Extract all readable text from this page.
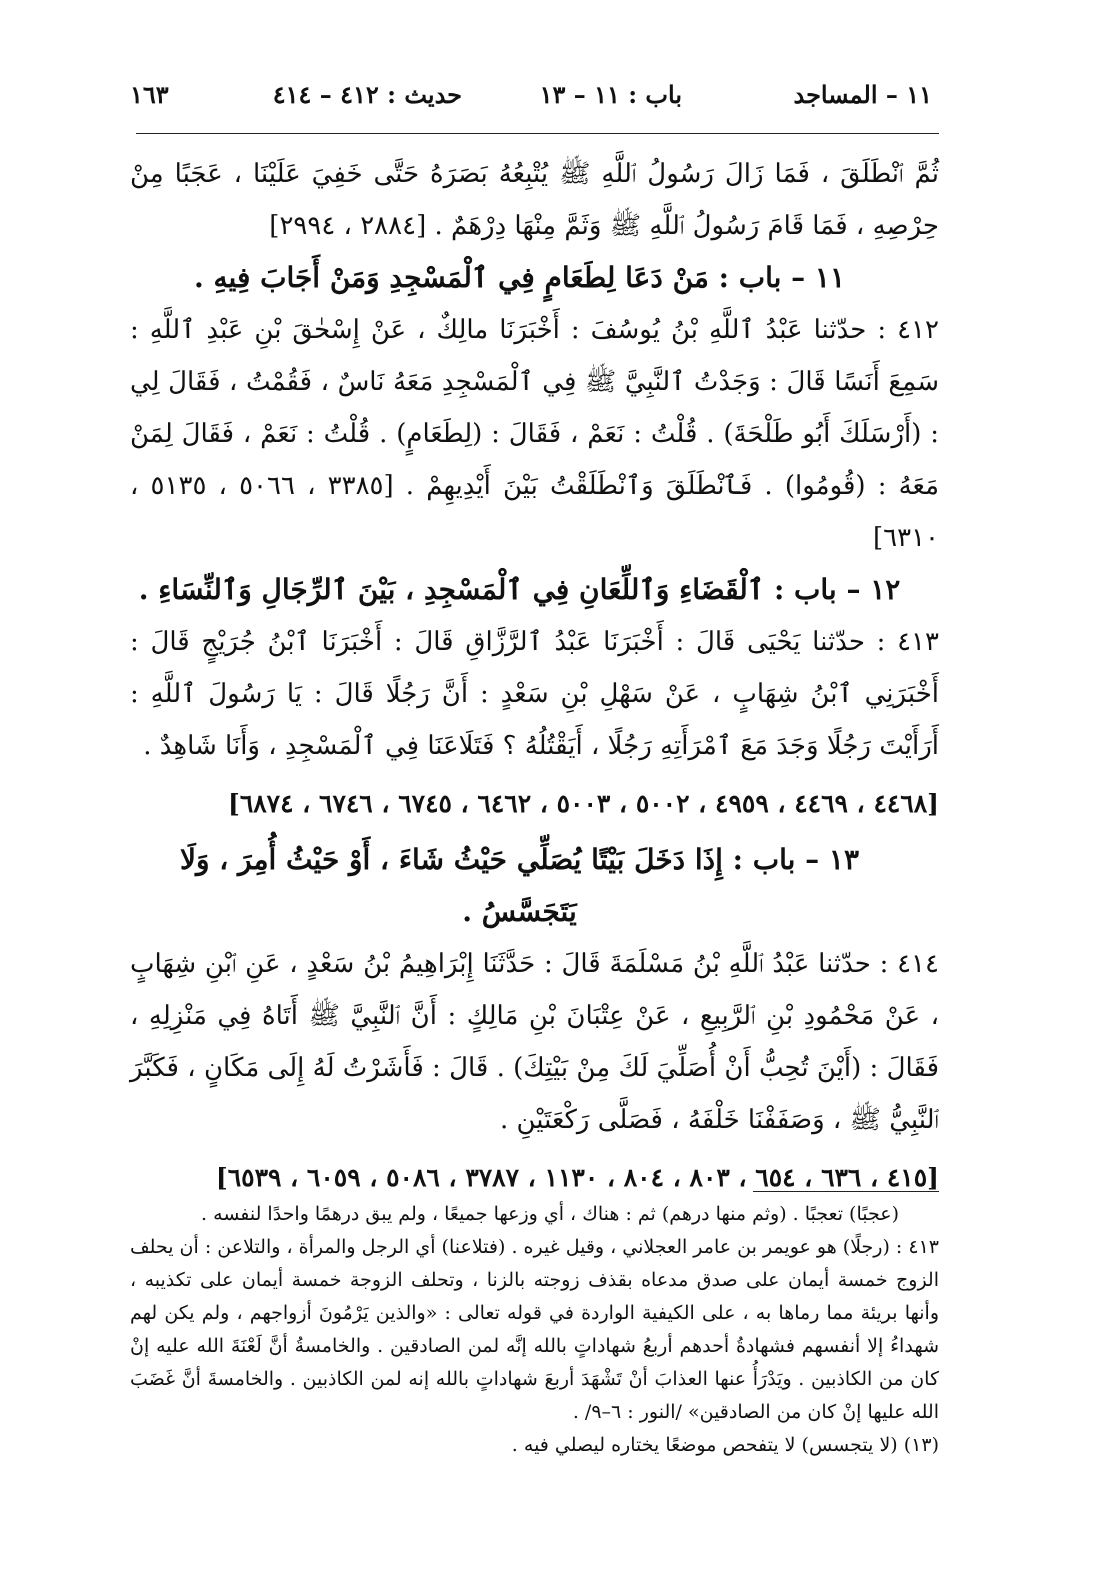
١١ – المساجد
باب : ١١ – ١٣
حديث : ٤١٢ – ٤١٤
١٦٣

ثُمَّ ٱنْطَلَقَ ، فَمَا زَالَ رَسُولُ ٱللَّهِ ﷺ يُتْبِعُهُ بَصَرَهُ حَتَّى خَفِيَ عَلَيْنَا ، عَجَبًا مِنْ حِرْصِهِ ، فَمَا قَامَ رَسُولُ ٱللَّهِ ﷺ وَثَمَّ مِنْهَا دِرْهَمٌ . [٢٨٨٤ ، ٢٩٩٤]

١١ – باب : مَنْ دَعَا لِطَعَامٍ فِي ٱلْمَسْجِدِ وَمَنْ أَجَابَ فِيهِ .

٤١٢ : حدّثنا عَبْدُ ٱللَّهِ بْنُ يُوسُفَ : أَخْبَرَنَا مالِكٌ ، عَنْ إِسْحٰقَ بْنِ عَبْدِ ٱللَّهِ : سَمِعَ أَنَسًا قَالَ : وَجَدْتُ ٱلنَّبِيَّ ﷺ فِي ٱلْمَسْجِدِ مَعَهُ نَاسٌ ، فَقُمْتُ ، فَقَالَ لِي : (أَرْسَلَكَ أَبُو طَلْحَةَ) . قُلْتُ : نَعَمْ ، فَقَالَ : (لِطَعَامٍ) . قُلْتُ : نَعَمْ ، فَقَالَ لِمَنْ مَعَهُ : (قُومُوا) . فَٱنْطَلَقَ وَٱنْطَلَقْتُ بَيْنَ أَيْدِيهِمْ . [٣٣٨٥ ، ٥٠٦٦ ، ٥١٣٥ ، ٦٣١٠]

١٢ – باب : ٱلْقَضَاءِ وَٱللِّعَانِ فِي ٱلْمَسْجِدِ ، بَيْنَ ٱلرِّجَالِ وَٱلنِّسَاءِ .

٤١٣ : حدّثنا يَحْيَى قَالَ : أَخْبَرَنَا عَبْدُ ٱلرَّزَّاقِ قَالَ : أَخْبَرَنَا ٱبْنُ جُرَيْجٍ قَالَ : أَخْبَرَنِي ٱبْنُ شِهَابٍ ، عَنْ سَهْلِ بْنِ سَعْدٍ : أَنَّ رَجُلًا قَالَ : يَا رَسُولَ ٱللَّهِ : أَرَأَيْتَ رَجُلًا وَجَدَ مَعَ ٱمْرَأَتِهِ رَجُلًا ، أَيَقْتُلُهُ ؟ فَتَلَاعَنَا فِي ٱلْمَسْجِدِ ، وَأَنَا شَاهِدٌ .

[٤٤٦٨ ، ٤٤٦٩ ، ٤٩٥٩ ، ٥٠٠٢ ، ٥٠٠٣ ، ٦٤٦٢ ، ٦٧٤٥ ، ٦٧٤٦ ، ٦٨٧٤]

١٣ – باب : إِذَا دَخَلَ بَيْتًا يُصَلِّي حَيْثُ شَاءَ ، أَوْ حَيْثُ أُمِرَ ، وَلَا يَتَجَسَّسُ .

٤١٤ : حدّثنا عَبْدُ ٱللَّهِ بْنُ مَسْلَمَةَ قَالَ : حَدَّثَنَا إِبْرَاهِيمُ بْنُ سَعْدٍ ، عَنِ ٱبْنِ شِهَابٍ ، عَنْ مَحْمُودِ بْنِ ٱلرَّبِيعِ ، عَنْ عِتْبَانَ بْنِ مَالِكٍ : أَنَّ ٱلنَّبِيَّ ﷺ أَتَاهُ فِي مَنْزِلِهِ ، فَقَالَ : (أَيْنَ تُحِبُّ أَنْ أُصَلِّيَ لَكَ مِنْ بَيْتِكَ) . قَالَ : فَأَشَرْتُ لَهُ إِلَى مَكَانٍ ، فَكَبَّرَ ٱلنَّبِيُّ ﷺ ، وَصَفَفْنَا خَلْفَهُ ، فَصَلَّى رَكْعَتَيْنِ .

[٤١٥ ، ٦٣٦ ، ٦٥٤ ، ٨٠٣ ، ٨٠٤ ، ١١٣٠ ، ٣٧٨٧ ، ٥٠٨٦ ، ٦٠٥٩ ، ٦٥٣٩]

(عجبًا) تعجبًا . (وثم منها درهم) ثم : هناك ، أي وزعها جميعًا ، ولم يبق درهمًا واحدًا لنفسه .

٤١٣ : (رجلًا) هو عويمر بن عامر العجلاني ، وقيل غيره . (فتلاعنا) أي الرجل والمرأة ، والتلاعن : أن يحلف الزوج خمسة أيمان على صدق مدعاه بقذف زوجته بالزنا ، وتحلف الزوجة خمسة أيمان على تكذيبه ، وأنها بريئة مما رماها به ، على الكيفية الواردة في قوله تعالى : «والذين يَرْمُونَ أزواجهم ، ولم يكن لهم شهداءُ إلا أنفسهم فشهادةُ أحدهم أربعُ شهاداتٍ بالله إنَّه لمن الصادقين . والخامسةُ أنَّ لَعْنَةَ الله عليه إنْ كان من الكاذبين . ويَدْرَأُ عنها العذابَ أنْ تَشْهَدَ أربعَ شهاداتٍ بالله إنه لمن الكاذبين . والخامسةَ أنَّ غَضَبَ الله عليها إنْ كان من الصادقين» /النور : ٦–٩/ .

(١٣) (لا يتجسس) لا يتفحص موضعًا يختاره ليصلي فيه .
